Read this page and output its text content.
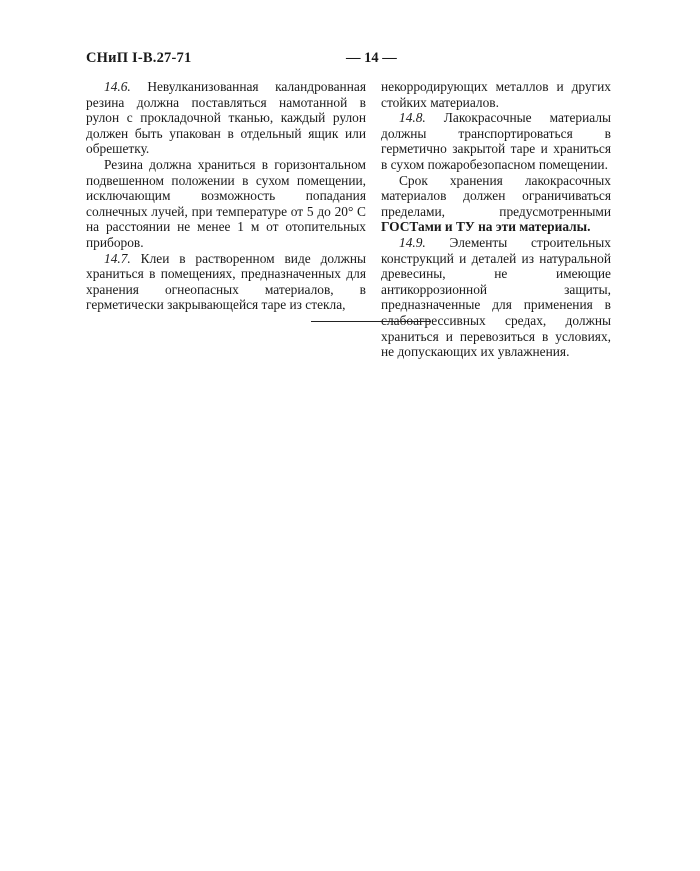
СНиП I-В.27-71	— 14 —

14.6. Невулканизованная каландрованная резина должна поставляться намотанной в рулон с прокладочной тканью, каждый рулон должен быть упакован в отдельный ящик или обрешетку.

Резина должна храниться в горизонтальном подвешенном положении в сухом помещении, исключающим возможность попадания солнечных лучей, при температуре от 5 до 20° С на расстоянии не менее 1 м от отопительных приборов.

14.7. Клеи в растворенном виде должны храниться в помещениях, предназначенных для хранения огнеопасных материалов, в герметически закрывающейся таре из стекла,

некорродирующих металлов и других стойких материалов.

14.8. Лакокрасочные материалы должны транспортироваться в герметично закрытой таре и храниться в сухом пожаробезопасном помещении.

Срок хранения лакокрасочных материалов должен ограничиваться пределами, предусмотренными ГОСТами и ТУ на эти материалы.

14.9. Элементы строительных конструкций и деталей из натуральной древесины, не имеющие антикоррозионной защиты, предназначенные для применения в слабоагрессивных средах, должны храниться и перевозиться в условиях, не допускающих их увлажнения.
